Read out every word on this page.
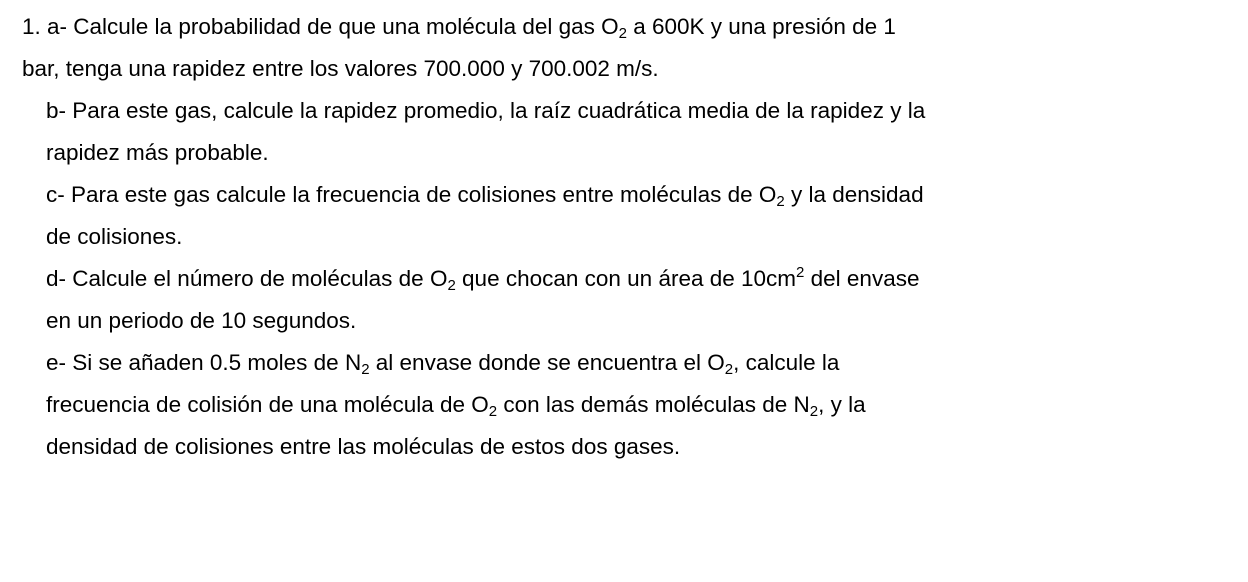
1. a- Calcule la probabilidad de que una molécula del gas $O_2$ a 600K y una presión de 1
bar, tenga una rapidez entre los valores 700.000 y 700.002 m/s.
b- Para este gas, calcule la rapidez promedio, la raíz cuadrática media de la rapidez y la
rapidez más probable.
c- Para este gas calcule la frecuencia de colisiones entre moléculas de $O_2$ y la densidad
de colisiones.
d- Calcule el número de moléculas de $O_2$ que chocan con un área de $10cm^2$ del envase
en un periodo de 10 segundos.
e- Si se añaden 0.5 moles de $N_2$ al envase donde se encuentra el $O_2$, calcule la
frecuencia de colisión de una molécula de $O_2$ con las demás moléculas de $N_2$, y la
densidad de colisiones entre las moléculas de estos dos gases.
